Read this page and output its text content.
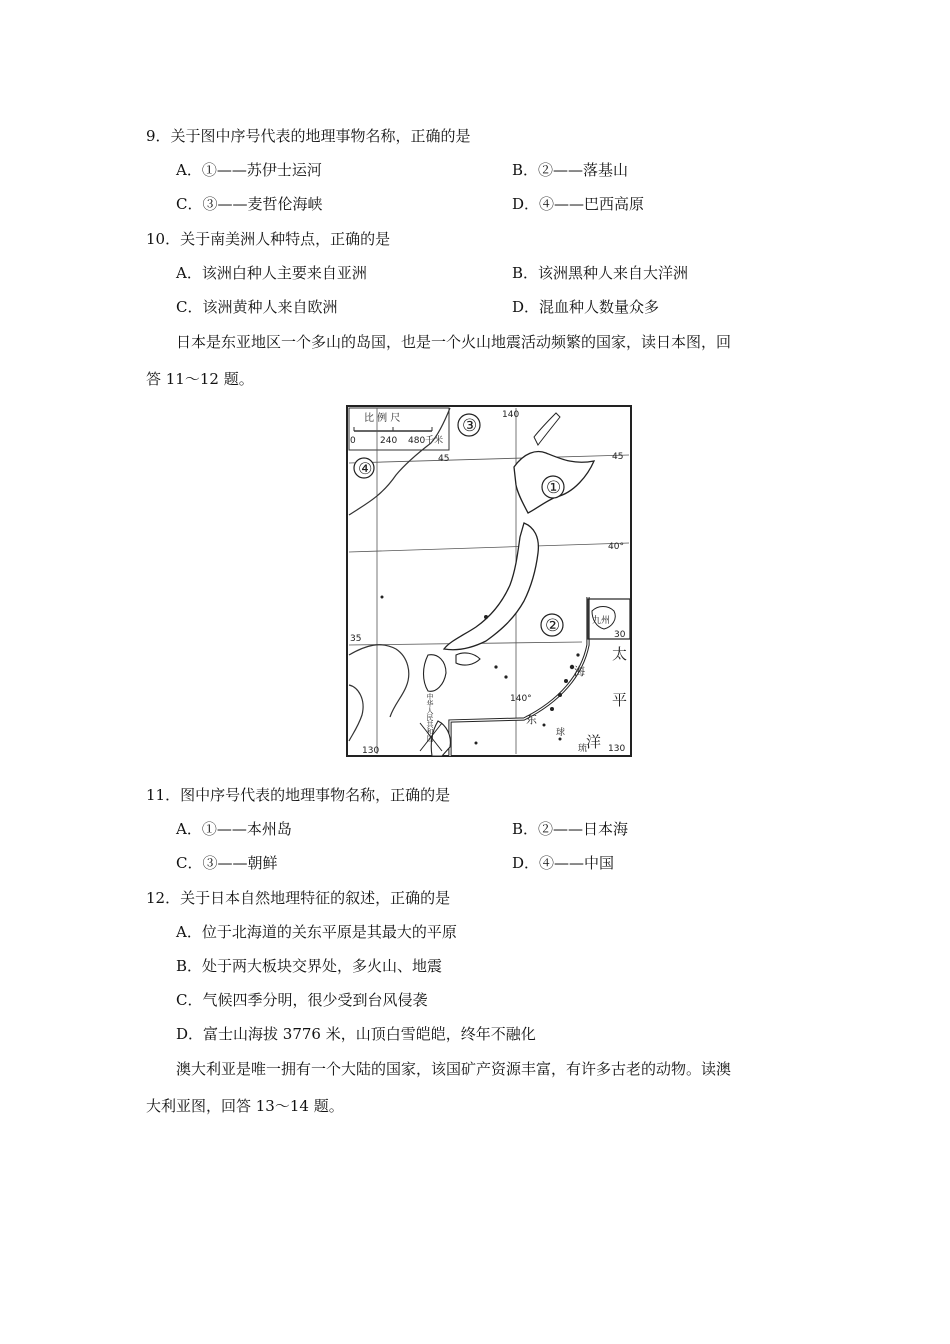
9．关于图中序号代表的地理事物名称，正确的是
A．①——苏伊士运河	B．②——落基山
C．③——麦哲伦海峡	D．④——巴西高原
10．关于南美洲人种特点，正确的是
A．该洲白种人主要来自亚洲	B．该洲黑种人来自大洋洲
C．该洲黄种人来自欧洲	D．混血种人数量众多
日本是东亚地区一个多山的岛国，也是一个火山地震活动频繁的国家，读日本图，回
答 11～12 题。
比 例 尺
0	240 480千米
①
②
③
④
45
40°
35	30
45
140
140°
130	130
九州
海
东
球
琉
太
平
洋
中华人民共和国
11．图中序号代表的地理事物名称，正确的是
A．①——本州岛	B．②——日本海
C．③——朝鲜	D．④——中国
12．关于日本自然地理特征的叙述，正确的是
A．位于北海道的关东平原是其最大的平原
B．处于两大板块交界处，多火山、地震
C．气候四季分明，很少受到台风侵袭
D．富士山海拔 3776 米，山顶白雪皑皑，终年不融化
澳大利亚是唯一拥有一个大陆的国家，该国矿产资源丰富，有许多古老的动物。读澳
大利亚图，回答 13～14 题。
